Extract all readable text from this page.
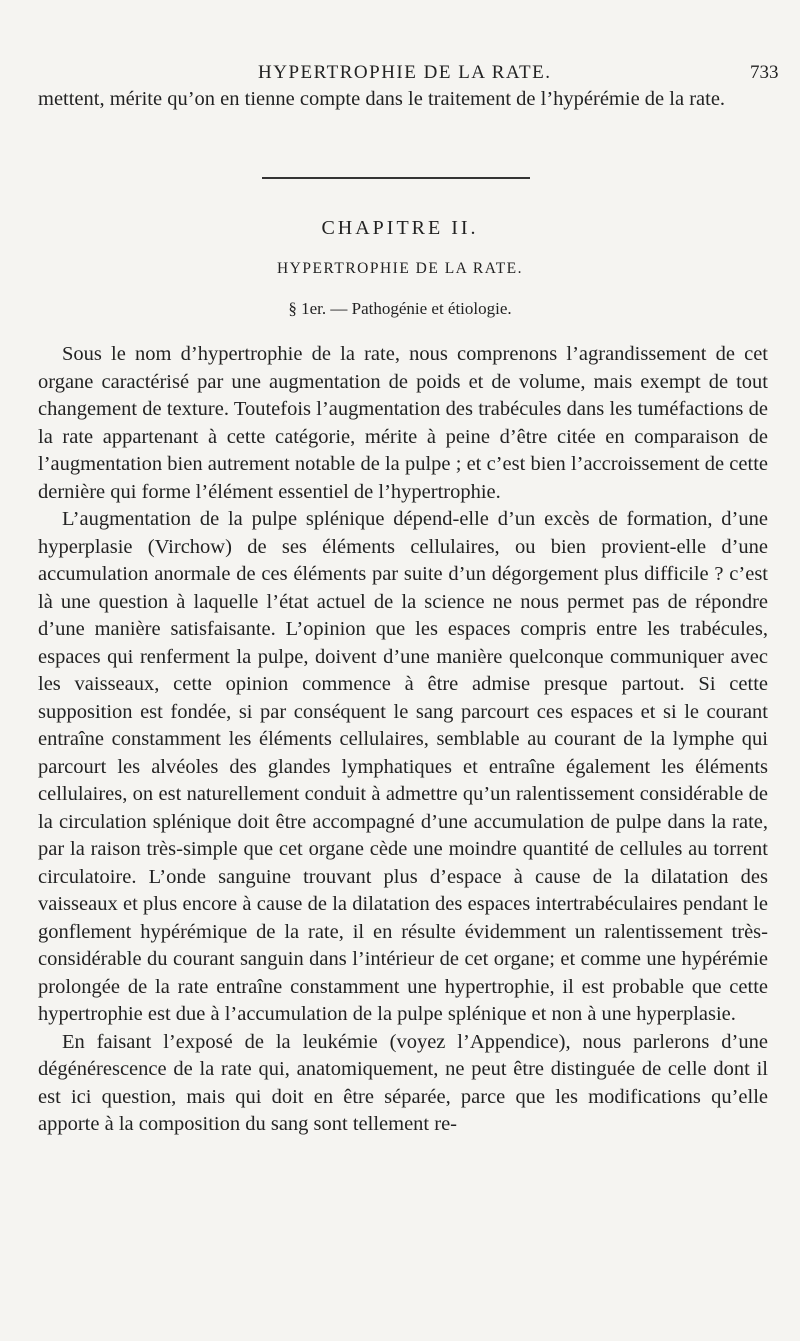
HYPERTROPHIE DE LA RATE.	733
mettent, mérite qu’on en tienne compte dans le traitement de l’hypérémie de la rate.
CHAPITRE II.
HYPERTROPHIE DE LA RATE.
§ 1er. — Pathogénie et étiologie.

Sous le nom d’hypertrophie de la rate, nous comprenons l’agrandissement de cet organe caractérisé par une augmentation de poids et de volume, mais exempt de tout changement de texture. Toutefois l’augmentation des trabécules dans les tuméfactions de la rate appartenant à cette catégorie, mérite à peine d’être citée en comparaison de l’augmentation bien autrement notable de la pulpe ; et c’est bien l’accroissement de cette dernière qui forme l’élément essentiel de l’hypertrophie.

L’augmentation de la pulpe splénique dépend-elle d’un excès de formation, d’une hyperplasie (Virchow) de ses éléments cellulaires, ou bien provient-elle d’une accumulation anormale de ces éléments par suite d’un dégorgement plus difficile ? c’est là une question à laquelle l’état actuel de la science ne nous permet pas de répondre d’une manière satisfaisante. L’opinion que les espaces compris entre les trabécules, espaces qui renferment la pulpe, doivent d’une manière quelconque communiquer avec les vaisseaux, cette opinion commence à être admise presque partout. Si cette supposition est fondée, si par conséquent le sang parcourt ces espaces et si le courant entraîne constamment les éléments cellulaires, semblable au courant de la lymphe qui parcourt les alvéoles des glandes lymphatiques et entraîne également les éléments cellulaires, on est naturellement conduit à admettre qu’un ralentissement considérable de la circulation splénique doit être accompagné d’une accumulation de pulpe dans la rate, par la raison très-simple que cet organe cède une moindre quantité de cellules au torrent circulatoire. L’onde sanguine trouvant plus d’espace à cause de la dilatation des vaisseaux et plus encore à cause de la dilatation des espaces intertrabéculaires pendant le gonflement hypérémique de la rate, il en résulte évidemment un ralentissement très-considérable du courant sanguin dans l’intérieur de cet organe; et comme une hypérémie prolongée de la rate entraîne constamment une hypertrophie, il est probable que cette hypertrophie est due à l’accumulation de la pulpe splénique et non à une hyperplasie.

En faisant l’exposé de la leukémie (voyez l’Appendice), nous parlerons d’une dégénérescence de la rate qui, anatomiquement, ne peut être distinguée de celle dont il est ici question, mais qui doit en être séparée, parce que les modifications qu’elle apporte à la composition du sang sont tellement re-
